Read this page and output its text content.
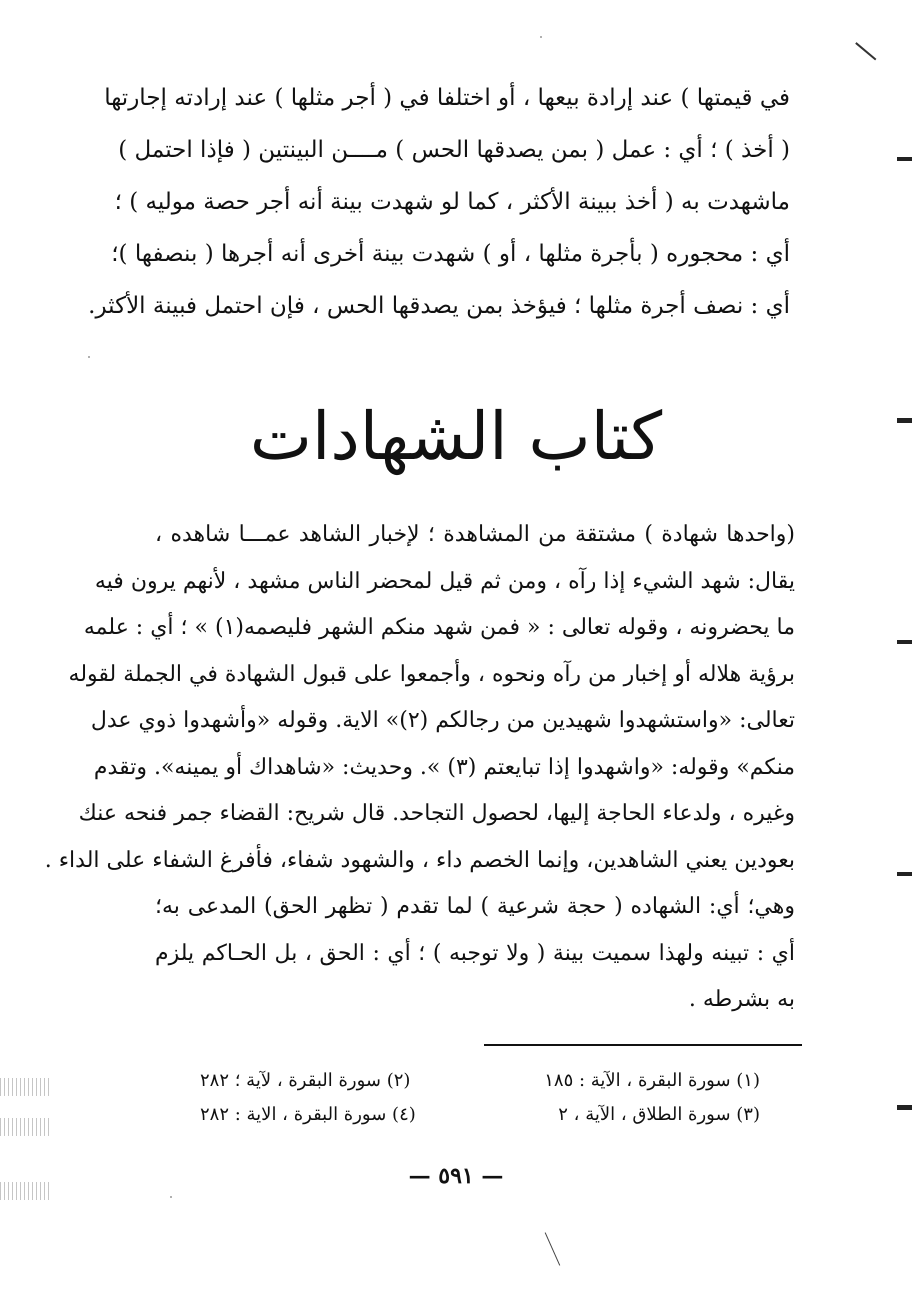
في قيمتها ) عند إرادة بيعها ، أو اختلفا في ( أجر مثلها ) عند إرادته إجارتها
( أخذ ) ؛ أي : عمل ( بمن يصدقها الحس ) مــــن البينتين ( فإذا احتمل )
ماشهدت به ( أخذ ببينة الأكثر ، كما لو شهدت بينة أنه أجر حصة موليه ) ؛
أي : محجوره ( بأجرة مثلها ، أو ) شهدت بينة أخرى أنه أجرها ( بنصفها )؛
أي : نصف أجرة مثلها ؛ فيؤخذ بمن يصدقها الحس ، فإن احتمل فبينة الأكثر.
كتاب الشهادات
(واحدها شهادة ) مشتقة من المشاهدة ؛ لإخبار الشاهد عمـــا شاهده ،
يقال: شهد الشيء إذا رآه ، ومن ثم قيل لمحضر الناس مشهد ، لأنهم يرون فيه
ما يحضرونه ، وقوله تعالى : « فمن شهد منكم الشهر فليصمه(١) » ؛ أي : علمه
برؤية هلاله أو إخبار من رآه ونحوه ، وأجمعوا على قبول الشهادة في الجملة لقوله
تعالى: «واستشهدوا شهيدين من رجالكم (٢)» الاية. وقوله «وأشهدوا ذوي عدل
منكم» وقوله: «واشهدوا إذا تبايعتم (٣) ». وحديث: «شاهداك أو يمينه». وتقدم
وغيره ، ولدعاء الحاجة إليها، لحصول التجاحد. قال شريح: القضاء جمر فنحه عنك
بعودين يعني الشاهدين، وإنما الخصم داء ، والشهود شفاء، فأفرغ الشفاء على الداء .
وهي؛ أي: الشهاده ( حجة شرعية ) لما تقدم ( تظهر الحق) المدعى به؛
أي : تبينه ولهذا سميت بينة ( ولا توجبه ) ؛ أي : الحق ، بل الحـاكم يلزم
به بشرطه .
(١) سورة البقرة ، الآية : ١٨٥
(٢) سورة البقرة ، لآية ؛ ٢٨٢
(٣) سورة الطلاق ، الآية ، ٢
(٤) سورة البقرة ، الاية : ٢٨٢
— ٥٩١ —
